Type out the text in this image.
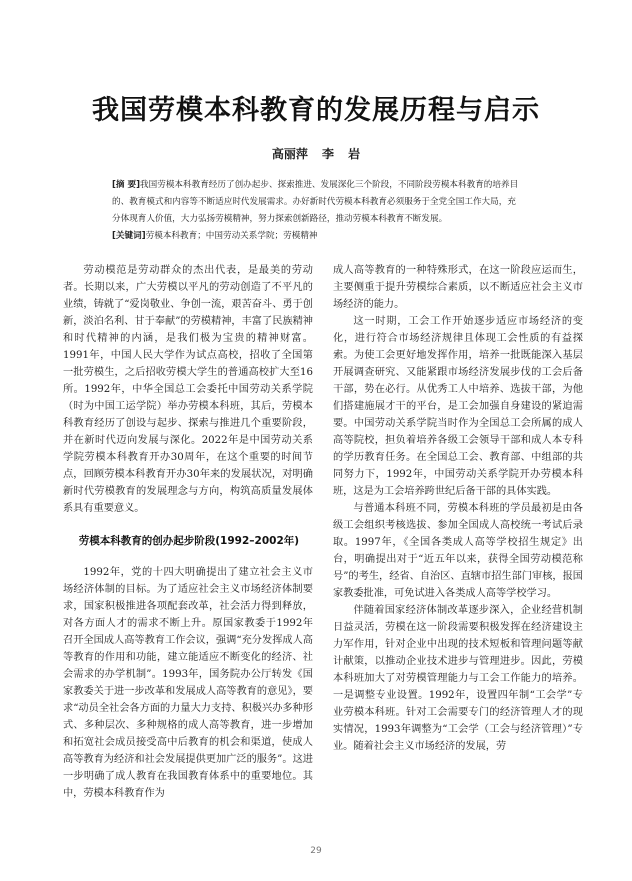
我国劳模本科教育的发展历程与启示
高丽萍 李 岩

[摘 要]我国劳模本科教育经历了创办起步、探索推进、发展深化三个阶段，不同阶段劳模本科教育的培养目的、教育模式和内容等不断适应时代发展需求。办好新时代劳模本科教育必须服务于全党全国工作大局，充分体现育人价值，大力弘扬劳模精神，努力探索创新路径，推动劳模本科教育不断发展。

[关键词]劳模本科教育；中国劳动关系学院；劳模精神

劳动模范是劳动群众的杰出代表，是最美的劳动者。长期以来，广大劳模以平凡的劳动创造了不平凡的业绩，铸就了“爱岗敬业、争创一流，艰苦奋斗、勇于创新，淡泊名利、甘于奉献”的劳模精神，丰富了民族精神和时代精神的内涵，是我们极为宝贵的精神财富。1991年，中国人民大学作为试点高校，招收了全国第一批劳模生，之后招收劳模大学生的普通高校扩大至16所。1992年，中华全国总工会委托中国劳动关系学院（时为中国工运学院）举办劳模本科班，其后，劳模本科教育经历了创设与起步、探索与推进几个重要阶段，并在新时代迈向发展与深化。2022年是中国劳动关系学院劳模本科教育开办30周年，在这个重要的时间节点，回顾劳模本科教育开办30年来的发展状况，对明确新时代劳模教育的发展理念与方向，构筑高质量发展体系具有重要意义。

劳模本科教育的创办起步阶段(1992–2002年)

1992年，党的十四大明确提出了建立社会主义市场经济体制的目标。为了适应社会主义市场经济体制要求，国家积极推进各项配套改革，社会活力得到释放，对各方面人才的需求不断上升。原国家教委于1992年召开全国成人高等教育工作会议，强调“充分发挥成人高等教育的作用和功能，建立能适应不断变化的经济、社会需求的办学机制”。1993年，国务院办公厅转发《国家教委关于进一步改革和发展成人高等教育的意见》，要求“动员全社会各方面的力量大力支持、积极兴办多种形式、多种层次、多种规格的成人高等教育，进一步增加和拓宽社会成员接受高中后教育的机会和渠道，使成人高等教育为经济和社会发展提供更加广泛的服务”。这进一步明确了成人教育在我国教育体系中的重要地位。其中，劳模本科教育作为

成人高等教育的一种特殊形式，在这一阶段应运而生，主要侧重于提升劳模综合素质，以不断适应社会主义市场经济的能力。

这一时期，工会工作开始逐步适应市场经济的变化，进行符合市场经济规律且体现工会性质的有益探索。为使工会更好地发挥作用，培养一批既能深入基层开展调查研究、又能紧跟市场经济发展步伐的工会后备干部，势在必行。从优秀工人中培养、选拔干部，为他们搭建施展才干的平台，是工会加强自身建设的紧迫需要。中国劳动关系学院当时作为全国总工会所属的成人高等院校，担负着培养各级工会领导干部和成人本专科的学历教育任务。在全国总工会、教育部、中组部的共同努力下，1992年，中国劳动关系学院开办劳模本科班，这是为工会培养跨世纪后备干部的具体实践。

与普通本科班不同，劳模本科班的学员最初是由各级工会组织考核选拔、参加全国成人高校统一考试后录取。1997年，《全国各类成人高等学校招生规定》出台，明确提出对于“近五年以来，获得全国劳动模范称号”的考生，经省、自治区、直辖市招生部门审核，报国家教委批准，可免试进入各类成人高等学校学习。

伴随着国家经济体制改革逐步深入，企业经营机制日益灵活，劳模在这一阶段需要积极发挥在经济建设主力军作用，针对企业中出现的技术短板和管理问题等献计献策，以推动企业技术进步与管理进步。因此，劳模本科班加大了对劳模管理能力与工会工作能力的培养。一是调整专业设置。1992年，设置四年制“工会学”专业劳模本科班。针对工会需要专门的经济管理人才的现实情况，1993年调整为“工会学（工会与经济管理）”专业。随着社会主义市场经济的发展，劳

29
